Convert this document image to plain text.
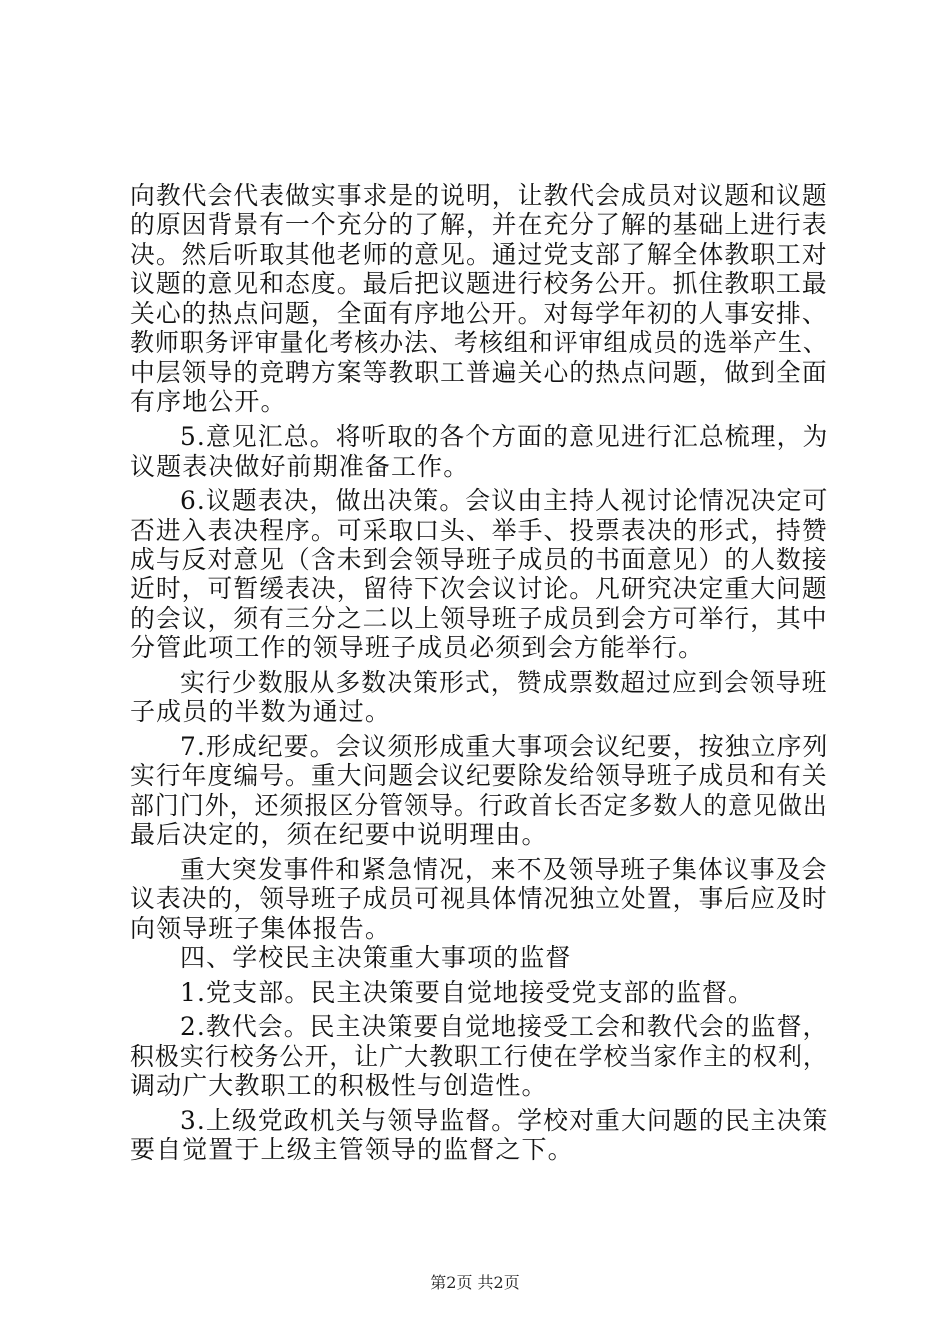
向教代会代表做实事求是的说明，让教代会成员对议题和议题
的原因背景有一个充分的了解，并在充分了解的基础上进行表
决。然后听取其他老师的意见。通过党支部了解全体教职工对
议题的意见和态度。最后把议题进行校务公开。抓住教职工最
关心的热点问题，全面有序地公开。对每学年初的人事安排、
教师职务评审量化考核办法、考核组和评审组成员的选举产生、
中层领导的竞聘方案等教职工普遍关心的热点问题，做到全面
有序地公开。
5.意见汇总。将听取的各个方面的意见进行汇总梳理，为
议题表决做好前期准备工作。
6.议题表决，做出决策。会议由主持人视讨论情况决定可
否进入表决程序。可采取口头、举手、投票表决的形式，持赞
成与反对意见（含未到会领导班子成员的书面意见）的人数接
近时，可暂缓表决，留待下次会议讨论。凡研究决定重大问题
的会议，须有三分之二以上领导班子成员到会方可举行，其中
分管此项工作的领导班子成员必须到会方能举行。
实行少数服从多数决策形式，赞成票数超过应到会领导班
子成员的半数为通过。
7.形成纪要。会议须形成重大事项会议纪要，按独立序列
实行年度编号。重大问题会议纪要除发给领导班子成员和有关
部门门外，还须报区分管领导。行政首长否定多数人的意见做出
最后决定的，须在纪要中说明理由。
重大突发事件和紧急情况，来不及领导班子集体议事及会
议表决的，领导班子成员可视具体情况独立处置，事后应及时
向领导班子集体报告。
四、学校民主决策重大事项的监督
1.党支部。民主决策要自觉地接受党支部的监督。
2.教代会。民主决策要自觉地接受工会和教代会的监督，
积极实行校务公开，让广大教职工行使在学校当家作主的权利，
调动广大教职工的积极性与创造性。
3.上级党政机关与领导监督。学校对重大问题的民主决策
要自觉置于上级主管领导的监督之下。
第2页 共2页
